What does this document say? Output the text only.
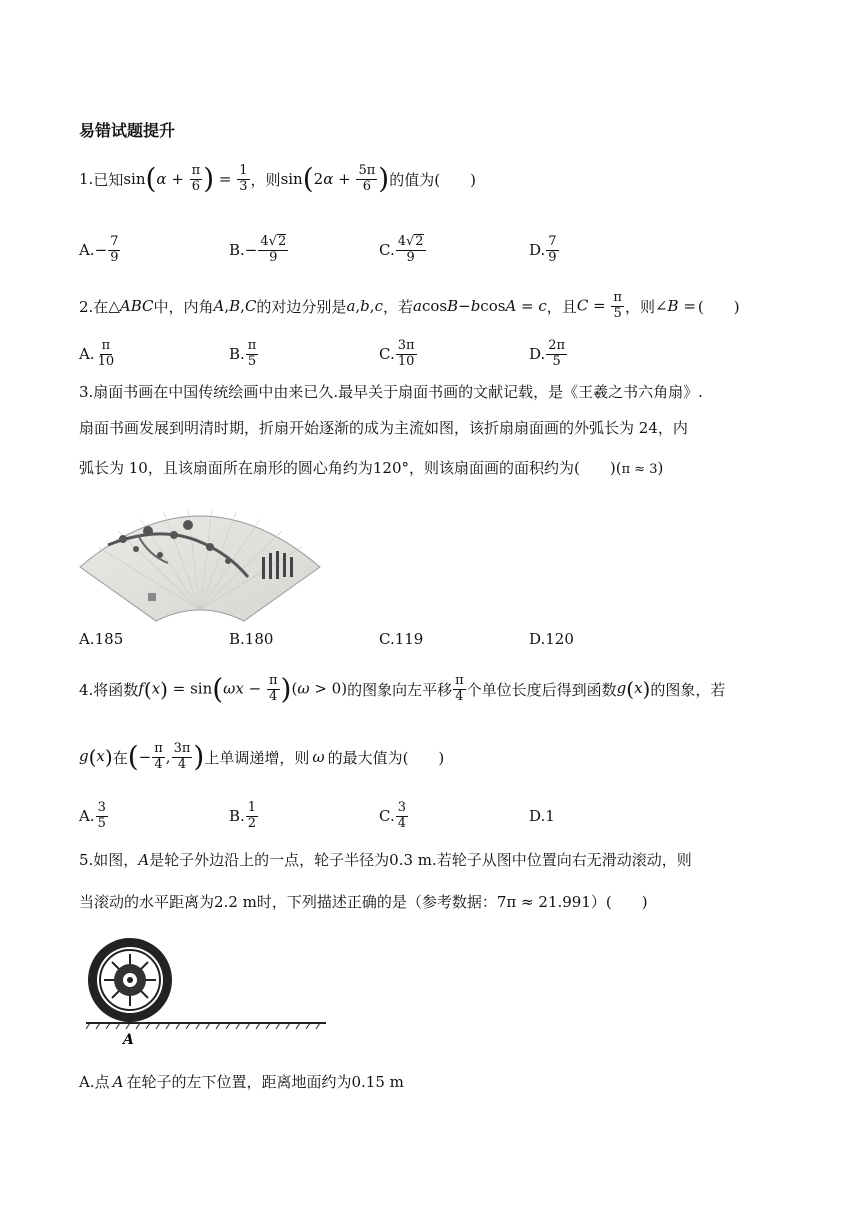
易错试题提升
1. 已知 sin ( $\alpha + \frac{\pi}{6}$ ) = $\frac{1}{3}$ ，则 sin ( 2 $\alpha + \frac{5\pi}{6}$ ) 的值为(　　)
A. − $\frac{7}{9}$	B. − $\frac{4√2}{9}$	C. $\frac{4√2}{9}$	D. $\frac{7}{9}$
2.在 △ABC 中，内角 A , B , C 的对边分别是 a , b , c ，若 acosB−bcosA = c ，且 $C = \frac{\pi}{5}$ ，则 ∠B = (　　)
A. $\frac{\pi}{10}$	B. $\frac{\pi}{5}$	C. $\frac{3\pi}{10}$	D. $\frac{2\pi}{5}$
3.扇面书画在中国传统绘画中由来已久.最早关于扇面书画的文献记载，是《王羲之书六角扇》.
扇面书画发展到明清时期，折扇开始逐渐的成为主流如图，该折扇扇面画的外弧长为 24，内
弧长为 10，且该扇面所在扇形的圆心角约为120°，则该扇面画的面积约为(　　)(π ≈ 3)
A.185	B.180	C.119	D.120
4.将函数 $f(x) = \sin(\omega x - \frac{\pi}{4} )(\omega > 0)$ 的图象向左平移 $\frac{\pi}{4}$ 个单位长度后得到函数 g(x) 的图象，若
g(x) 在 ( − $\frac{\pi}{4}$ , $\frac{3\pi}{4}$ ) 上单调递增，则 ω 的最大值为(　　)
A. $\frac{3}{5}$	B. $\frac{1}{2}$	C. $\frac{3}{4}$	D.1
5.如图，A是轮子外边沿上的一点，轮子半径为0.3 m.若轮子从图中位置向右无滑动滚动，则
当滚动的水平距离为2.2 m时，下列描述正确的是（参考数据：7π ≈ 21.991）(　　)
A
A.点 A 在轮子的左下位置，距离地面约为0.15 m
